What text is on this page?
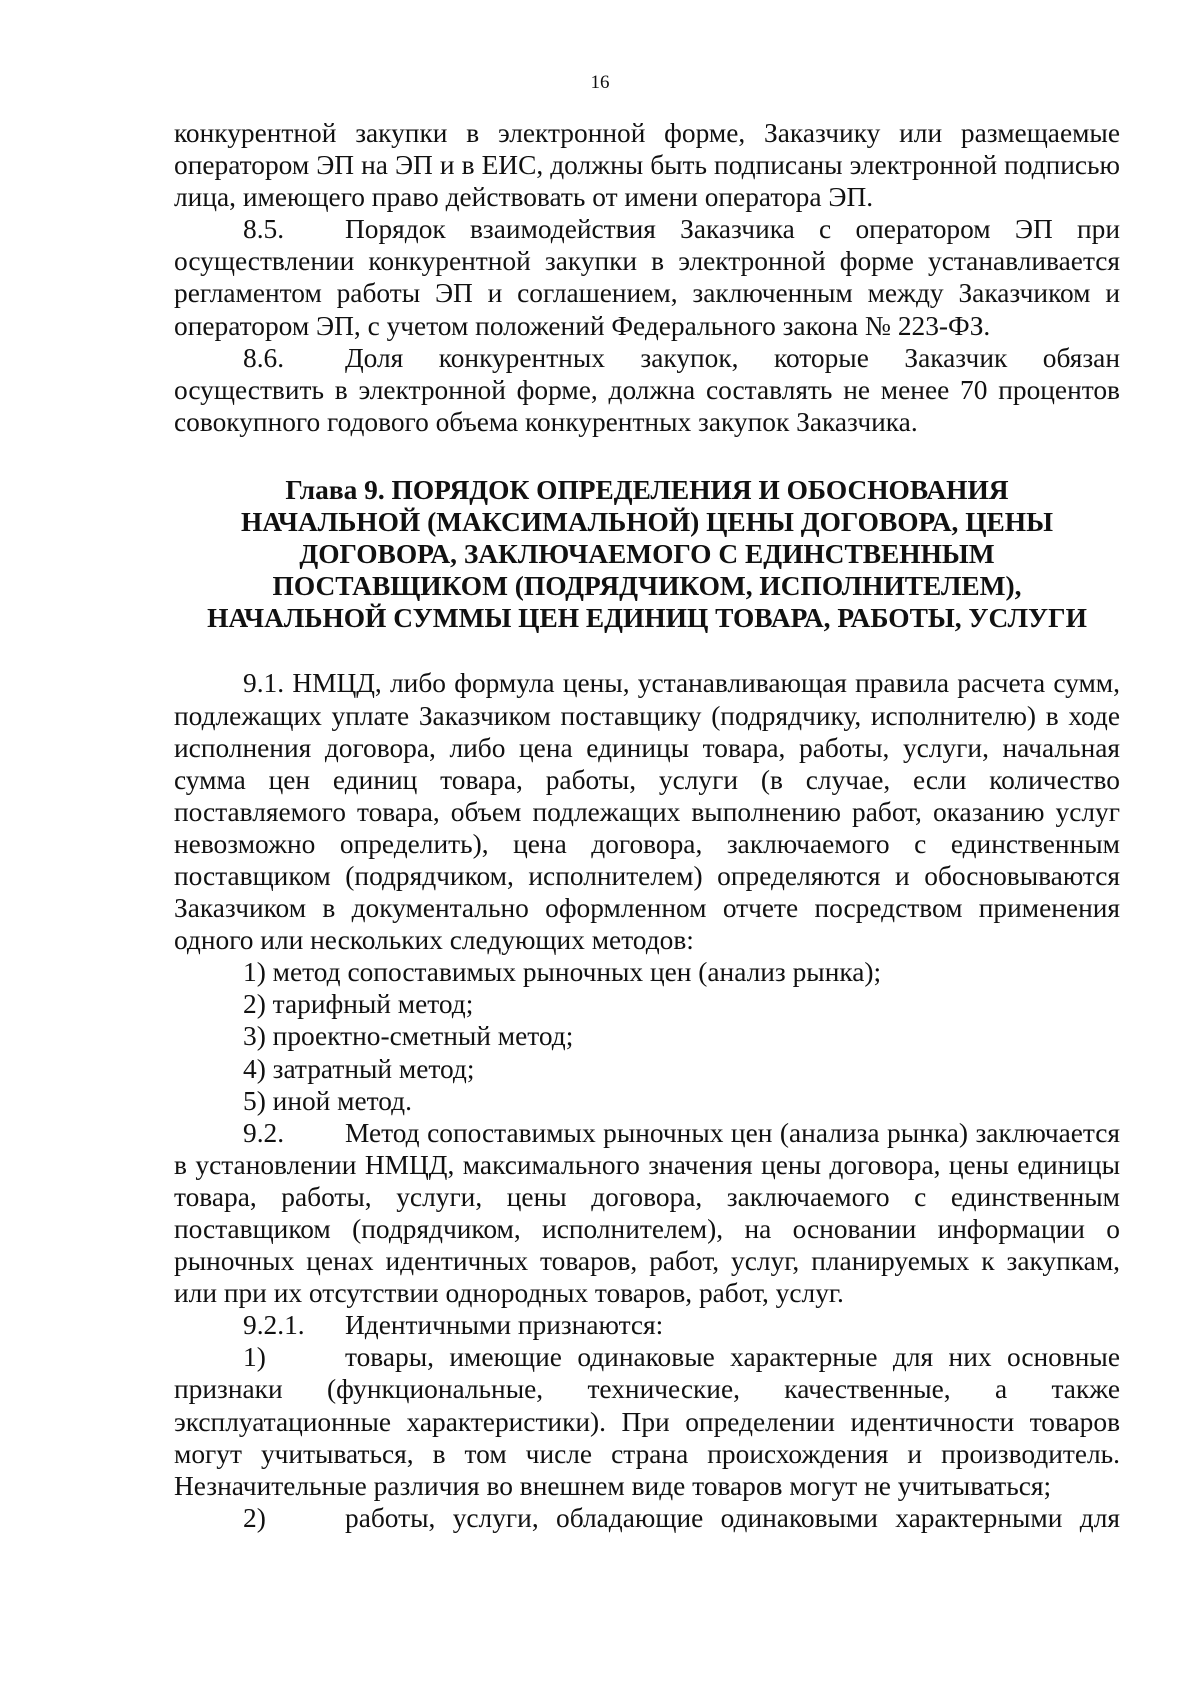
16

конкурентной закупки в электронной форме, Заказчику или размещаемые оператором ЭП на ЭП и в ЕИС, должны быть подписаны электронной подписью лица, имеющего право действовать от имени оператора ЭП.

8.5. Порядок взаимодействия Заказчика с оператором ЭП при осуществлении конкурентной закупки в электронной форме устанавливается регламентом работы ЭП и соглашением, заключенным между Заказчиком и оператором ЭП, с учетом положений Федерального закона № 223-ФЗ.

8.6. Доля конкурентных закупок, которые Заказчик обязан осуществить в электронной форме, должна составлять не менее 70 процентов совокупного годового объема конкурентных закупок Заказчика.

Глава 9. ПОРЯДОК ОПРЕДЕЛЕНИЯ И ОБОСНОВАНИЯ
НАЧАЛЬНОЙ (МАКСИМАЛЬНОЙ) ЦЕНЫ ДОГОВОРА, ЦЕНЫ
ДОГОВОРА, ЗАКЛЮЧАЕМОГО С ЕДИНСТВЕННЫМ
ПОСТАВЩИКОМ (ПОДРЯДЧИКОМ, ИСПОЛНИТЕЛЕМ),
НАЧАЛЬНОЙ СУММЫ ЦЕН ЕДИНИЦ ТОВАРА, РАБОТЫ, УСЛУГИ

9.1. НМЦД, либо формула цены, устанавливающая правила расчета сумм, подлежащих уплате Заказчиком поставщику (подрядчику, исполнителю) в ходе исполнения договора, либо цена единицы товара, работы, услуги, начальная сумма цен единиц товара, работы, услуги (в случае, если количество поставляемого товара, объем подлежащих выполнению работ, оказанию услуг невозможно определить), цена договора, заключаемого с единственным поставщиком (подрядчиком, исполнителем) определяются и обосновываются Заказчиком в документально оформленном отчете посредством применения одного или нескольких следующих методов:

1) метод сопоставимых рыночных цен (анализ рынка);

2) тарифный метод;

3) проектно-сметный метод;

4) затратный метод;

5) иной метод.

9.2. Метод сопоставимых рыночных цен (анализа рынка) заключается в установлении НМЦД, максимального значения цены договора, цены единицы товара, работы, услуги, цены договора, заключаемого с единственным поставщиком (подрядчиком, исполнителем), на основании информации о рыночных ценах идентичных товаров, работ, услуг, планируемых к закупкам, или при их отсутствии однородных товаров, работ, услуг.

9.2.1. Идентичными признаются:

1)	товары, имеющие одинаковые характерные для них основные признаки (функциональные, технические, качественные, а также эксплуатационные характеристики). При определении идентичности товаров могут учитываться, в том числе страна происхождения и производитель. Незначительные различия во внешнем виде товаров могут не учитываться;

2)	работы, услуги, обладающие одинаковыми характерными для
